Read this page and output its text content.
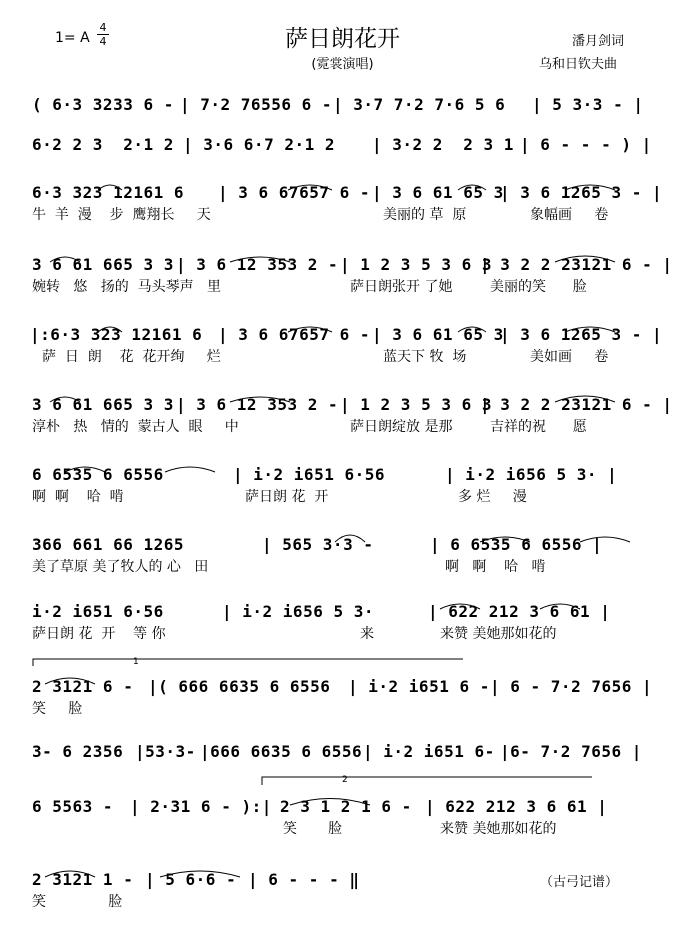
1= A
4
4	萨日朗花开
(霓裳演唱)
潘月剑词
乌和日钦夫曲
( 6·3 3233 6 - | 7·2 76556 6 - | 3·7 7·2 7·6 5 6 | 5 3·3 - |
6·2 2 3  2·1 2 | 3·6 6·7 2·1 2 | 3·2 2  2 3 1 | 6 - - - ) |
6·3 323 12161 6 | 3 6 67657 6 - | 3 6 61 65 3
| 3 6 1265 3 - |
牛  羊  漫    步  鹰翔长     天	美丽的 草  原	象幅画     卷
3 6 61 665 3 3 | 3 6 12 353 2 - | 1 2 3 5 3 6 3
| 3 2 2 23121 6 - |
婉转   悠   扬的  马头琴声   里	萨日朗张开 了她	美丽的笑      脸
|:6·3 323 12161 6 | 3 6 67657 6 - | 3 6 61 65 3
| 3 6 1265 3 - |
萨  日  朗    花  花开绚     烂	蓝天下 牧  场	美如画     卷
3 6 61 665 3 3 | 3 6 12 353 2 - | 1 2 3 5 3 6 3
| 3 2 2 23121 6 - |
淳朴   热   情的  蒙古人  眼     中	萨日朗绽放 是那	吉祥的祝      愿
6 6535 6 6556	| i·2 i651 6·56	| i·2 i656 5 3· |
啊  啊    哈  啃	萨日朗 花  开	多 烂     漫
366 661 66 1265	| 565 3·3 -	| 6 6535 6 6556 |
美了草原 美了牧人的 心   田	啊   啊    哈   啃
i·2 i651 6·56	| i·2 i656 5 3·	| 622 212 3 6 61 |
萨日朗 花  开    等 你	来	来赞 美她那如花的
2 3121 6 - |( 666 6635 6 6556 | i·2 i651 6 - | 6 - 7·2 7656 |
笑     脸
3- 6 2356 |53·3- |666 6635 6 6556 | i·2 i651 6- |6- 7·2 7656 |
6 5563 - | 2·31 6 - ):| 2 3 1 2 1 6 - | 622 212 3 6 61 |
笑       脸	来赞 美她那如花的
2 3121 1 - | 5 6·6 - | 6 - - - ‖
笑              脸
（古弓记谱）
1
2
